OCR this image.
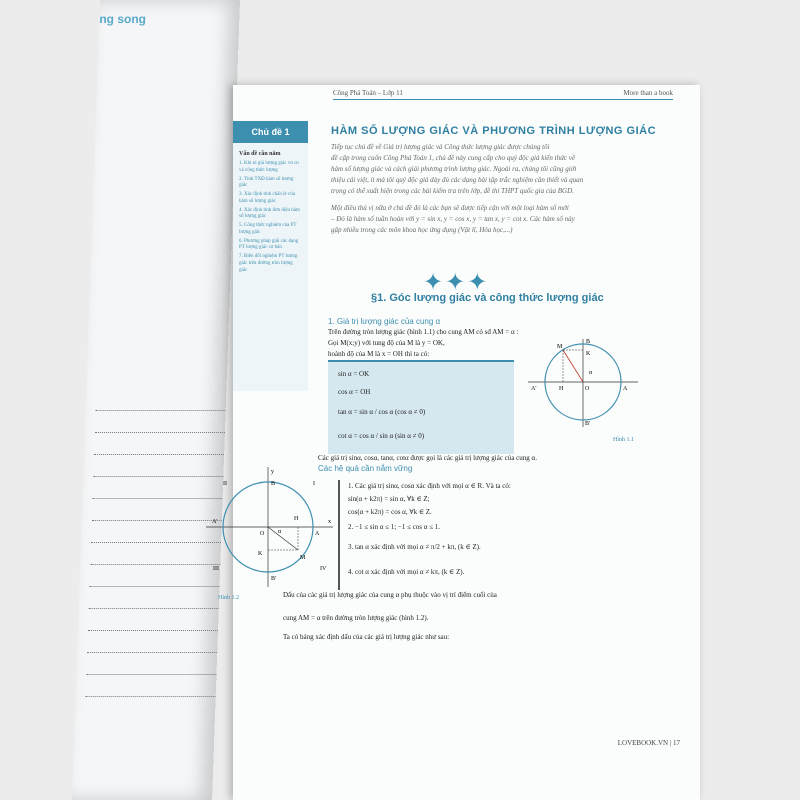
ng song
Công Phá Toán – Lớp 11	More than a book
Chủ đề 1
Vấn đề cần nắm
1. Khi ni giá lượng giác vn cn và công thức lượng
2. Tính TXĐ hàm số lượng giác
3. Xác định tính chẵn lẻ của hàm số lượng giác
4. Xác định tính đơn điệu hàm số lượng giác
5. Công thức nghiệm của PT lượng giác
6. Phương pháp giải các dạng PT lượng giác cơ bản
7. Biến đổi nghiệm PT lượng giác trên đường tròn lượng giác
HÀM SỐ LƯỢNG GIÁC VÀ PHƯƠNG TRÌNH LƯỢNG GIÁC
Tiếp tục chủ đề về Giá trị lượng giác và Công thức lượng giác được chúng tôi
đề cập trong cuốn Công Phá Toán 1, chủ đề này cung cấp cho quý độc giả kiến thức về
hàm số lượng giác và cách giải phương trình lượng giác. Ngoài ra, chúng tôi cũng giới
thiệu cái việt, ít mà tôi quý độc giả dày đủ các dạng bài tập trắc nghiệm cần thiết và quan
trọng có thể xuất hiện trong các bài kiểm tra trên lớp, đề thi THPT quốc gia của BGD.
Một điều thú vị nữa ở chủ đề đó là các bạn sẽ được tiếp cận với một loại hàm số mới
– Đó là hàm số tuần hoàn với y = sin x, y = cos x, y = tan x, y = cot x. Các hàm số này
gặp nhiều trong các môn khoa học ứng dụng (Vật lí, Hóa học,...)
✦✦✦
§1. Góc lượng giác và công thức lượng giác
1. Giá trị lượng giác của cung α
Trên đường tròn lượng giác (hình 1.1) cho cung AM có sđ AM = α :
Gọi M(x;y) với tung độ của M là y = OK,
hoành độ của M là x = OH thì ta có:
sin α = OK
cos α = OH
tan α = sin α / cos α (cos α ≠ 0)
cot α = cos α / sin α (sin α ≠ 0)
M
B
K
α
A'	H	O	A
B'
Hình 1.1
Các giá trị sinα, cosα, tanα, cotα được gọi là các giá trị lượng giác của cung α.
Các hệ quả cần nắm vững
1. Các giá trị sinα, cosα xác định với mọi α ∈ R. Và ta có:
sin(α + k2π) = sin α, ∀k ∈ Z;
cos(α + k2π) = cos α, ∀k ∈ Z.
2. −1 ≤ sin α ≤ 1; −1 ≤ cos α ≤ 1.
3. tan α xác định với mọi α ≠ π/2 + kπ, (k ∈ Z).
4. cot α xác định với mọi α ≠ kπ, (k ∈ Z).
y
B
II	I
H
A'
O α	A
x
K
M
III
B'
IV
Hình 1.2	Dấu của các giá trị lượng giác của cung α phụ thuộc vào vị trí điểm cuối của
cung AM = α trên đường tròn lượng giác (hình 1.2).
Ta có bảng xác định dấu của các giá trị lượng giác như sau:
LOVEBOOK.VN | 17
